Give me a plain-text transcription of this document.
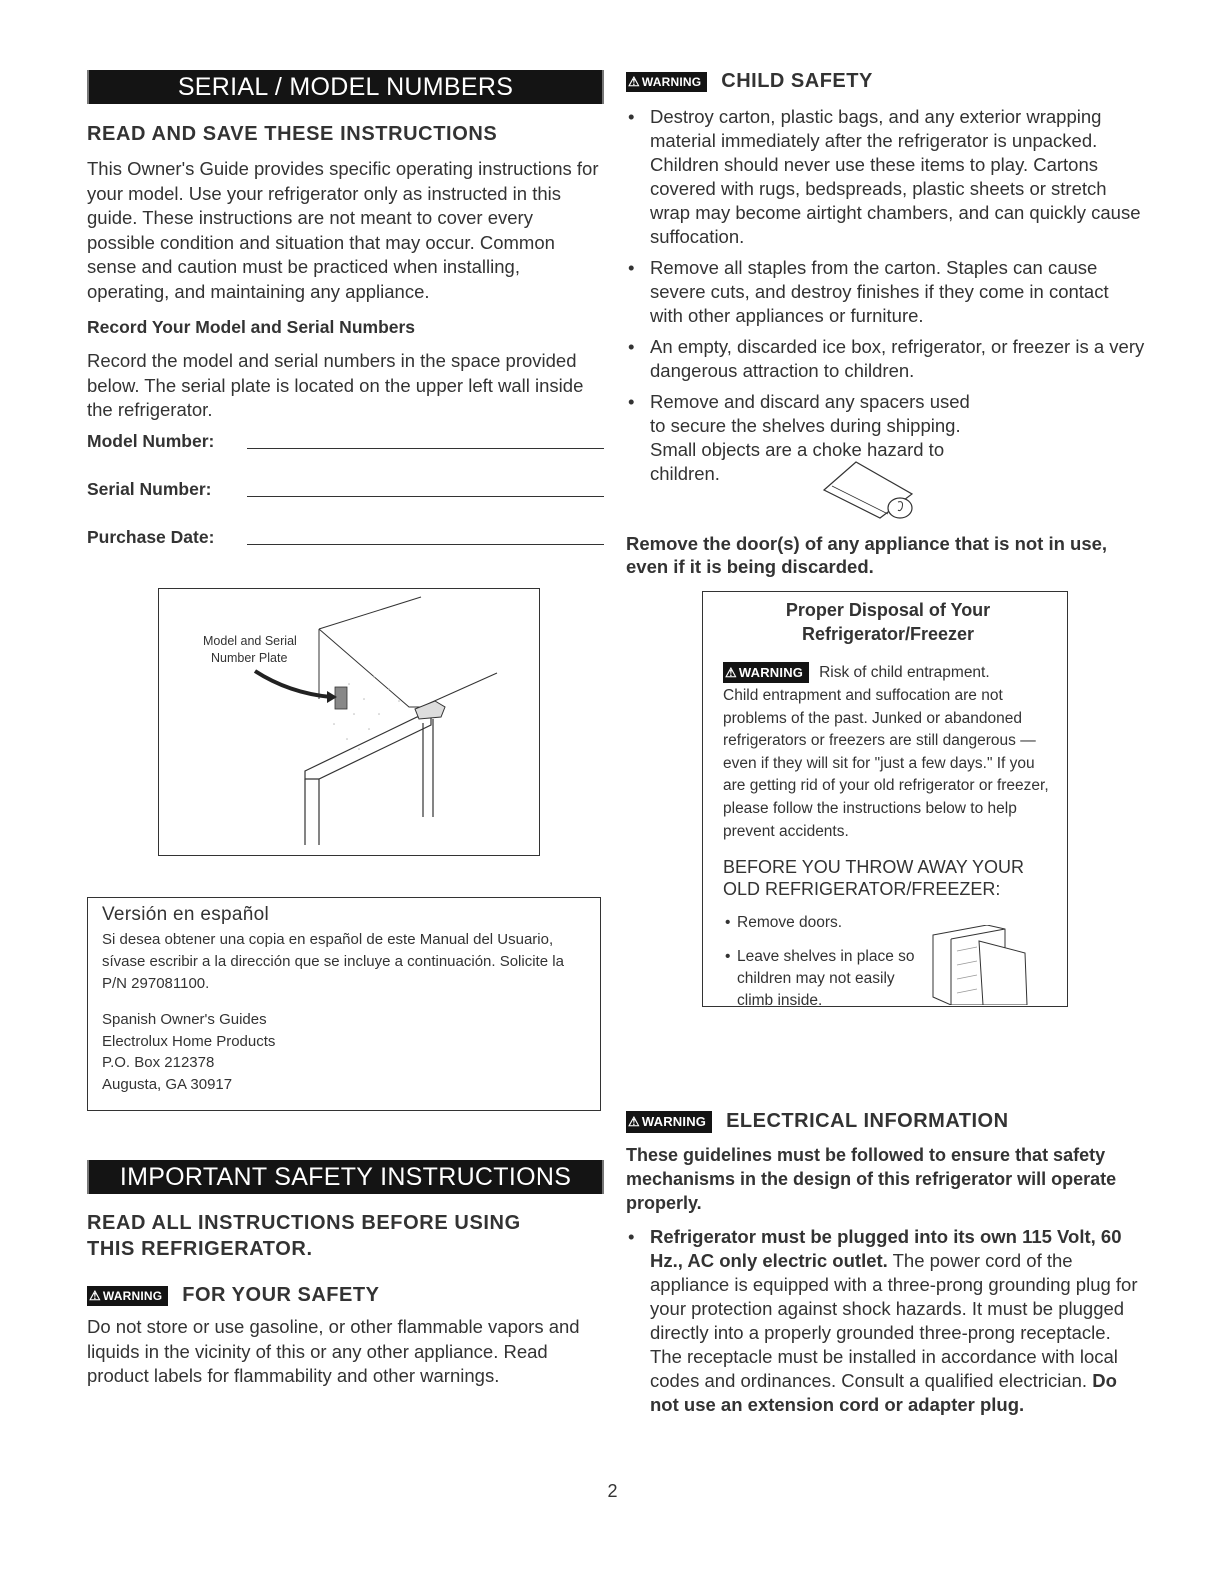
SERIAL / MODEL NUMBERS
READ AND SAVE THESE INSTRUCTIONS
This Owner's Guide provides specific operating instructions for your model. Use your refrigerator only as instructed in this guide. These instructions are not meant to cover every possible condition and situation that may occur. Common sense and caution must be practiced when installing, operating, and maintaining any appliance.
Record Your Model and Serial Numbers
Record the model and serial numbers in the space provided below. The serial plate is located on the upper left wall inside the refrigerator.
Model Number:
Serial Number:
Purchase Date:
Model and Serial
Number Plate
Versión en español
Si desea obtener una copia en español de este Manual del Usuario, sívase escribir a la dirección que se incluye a continuación. Solicite la P/N 297081100.
Spanish Owner's Guides
Electrolux Home Products
P.O. Box 212378
Augusta, GA 30917
IMPORTANT SAFETY INSTRUCTIONS
READ ALL INSTRUCTIONS BEFORE USING
THIS REFRIGERATOR.
⚠ WARNING FOR YOUR SAFETY
Do not store or use gasoline, or other flammable vapors and liquids in the vicinity of this or any other appliance. Read product labels for flammability and other warnings.
⚠ WARNING CHILD SAFETY
• Destroy carton, plastic bags, and any exterior wrapping material immediately after the refrigerator is unpacked. Children should never use these items to play. Cartons covered with rugs, bedspreads, plastic sheets or stretch wrap may become airtight chambers, and can quickly cause suffocation.
• Remove all staples from the carton. Staples can cause severe cuts, and destroy finishes if they come in contact with other appliances or furniture.
• An empty, discarded ice box, refrigerator, or freezer is a very dangerous attraction to children.
• Remove and discard any spacers used to secure the shelves during shipping. Small objects are a choke hazard to children.
Remove the door(s) of any appliance that is not in use, even if it is being discarded.
Proper Disposal of Your
Refrigerator/Freezer
⚠ WARNING Risk of child entrapment.
Child entrapment and suffocation are not problems of the past. Junked or abandoned refrigerators or freezers are still dangerous — even if they will sit for "just a few days." If you are getting rid of your old refrigerator or freezer, please follow the instructions below to help prevent accidents.
BEFORE YOU THROW AWAY YOUR
OLD REFRIGERATOR/FREEZER:
• Remove doors.
• Leave shelves in place so children may not easily climb inside.
⚠ WARNING ELECTRICAL INFORMATION
These guidelines must be followed to ensure that safety mechanisms in the design of this refrigerator will operate properly.
• Refrigerator must be plugged into its own 115 Volt, 60 Hz., AC only electric outlet. The power cord of the appliance is equipped with a three-prong grounding plug for your protection against shock hazards. It must be plugged directly into a properly grounded three-prong receptacle. The receptacle must be installed in accordance with local codes and ordinances. Consult a qualified electrician. Do not use an extension cord or adapter plug.
2
